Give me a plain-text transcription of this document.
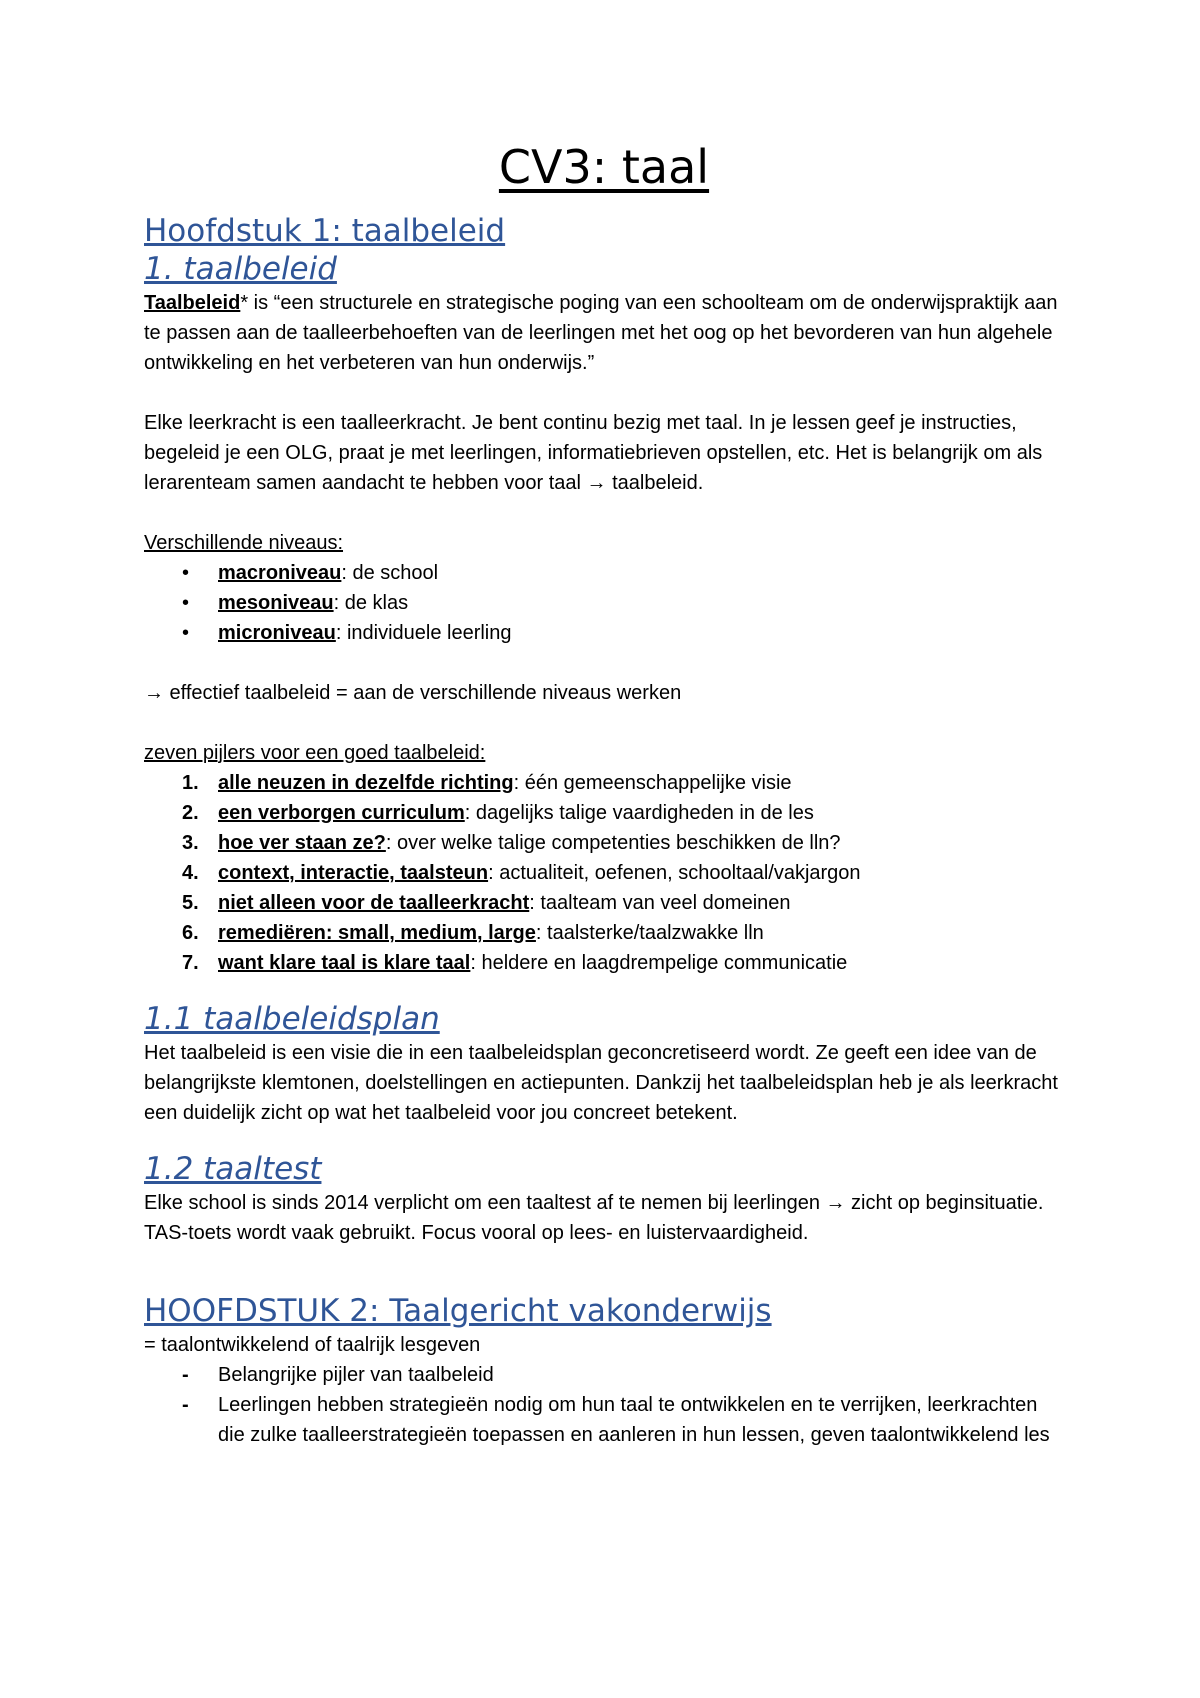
CV3: taal
Hoofdstuk 1: taalbeleid
1. taalbeleid

Taalbeleid* is “een structurele en strategische poging van een schoolteam om de onderwijspraktijk aan te passen aan de taalleerbehoeften van de leerlingen met het oog op het bevorderen van hun algehele ontwikkeling en het verbeteren van hun onderwijs.”

Elke leerkracht is een taalleerkracht. Je bent continu bezig met taal. In je lessen geef je instructies, begeleid je een OLG, praat je met leerlingen, informatiebrieven opstellen, etc. Het is belangrijk om als lerarenteam samen aandacht te hebben voor taal → taalbeleid.

Verschillende niveaus:

• macroniveau: de school
• mesoniveau: de klas
• microniveau: individuele leerling

→ effectief taalbeleid = aan de verschillende niveaus werken

zeven pijlers voor een goed taalbeleid:

1. alle neuzen in dezelfde richting: één gemeenschappelijke visie
2. een verborgen curriculum: dagelijks talige vaardigheden in de les
3. hoe ver staan ze?: over welke talige competenties beschikken de lln?
4. context, interactie, taalsteun: actualiteit, oefenen, schooltaal/vakjargon
5. niet alleen voor de taalleerkracht: taalteam van veel domeinen
6. remediëren: small, medium, large: taalsterke/taalzwakke lln
7. want klare taal is klare taal: heldere en laagdrempelige communicatie
1.1 taalbeleidsplan

Het taalbeleid is een visie die in een taalbeleidsplan geconcretiseerd wordt. Ze geeft een idee van de belangrijkste klemtonen, doelstellingen en actiepunten. Dankzij het taalbeleidsplan heb je als leerkracht een duidelijk zicht op wat het taalbeleid voor jou concreet betekent.

1.2 taaltest

Elke school is sinds 2014 verplicht om een taaltest af te nemen bij leerlingen → zicht op beginsituatie. TAS-toets wordt vaak gebruikt. Focus vooral op lees- en luistervaardigheid.

HOOFDSTUK 2: Taalgericht vakonderwijs

= taalontwikkelend of taalrijk lesgeven

- Belangrijke pijler van taalbeleid
- Leerlingen hebben strategieën nodig om hun taal te ontwikkelen en te verrijken, leerkrachten die zulke taalleerstrategieën toepassen en aanleren in hun lessen, geven taalontwikkelend les
